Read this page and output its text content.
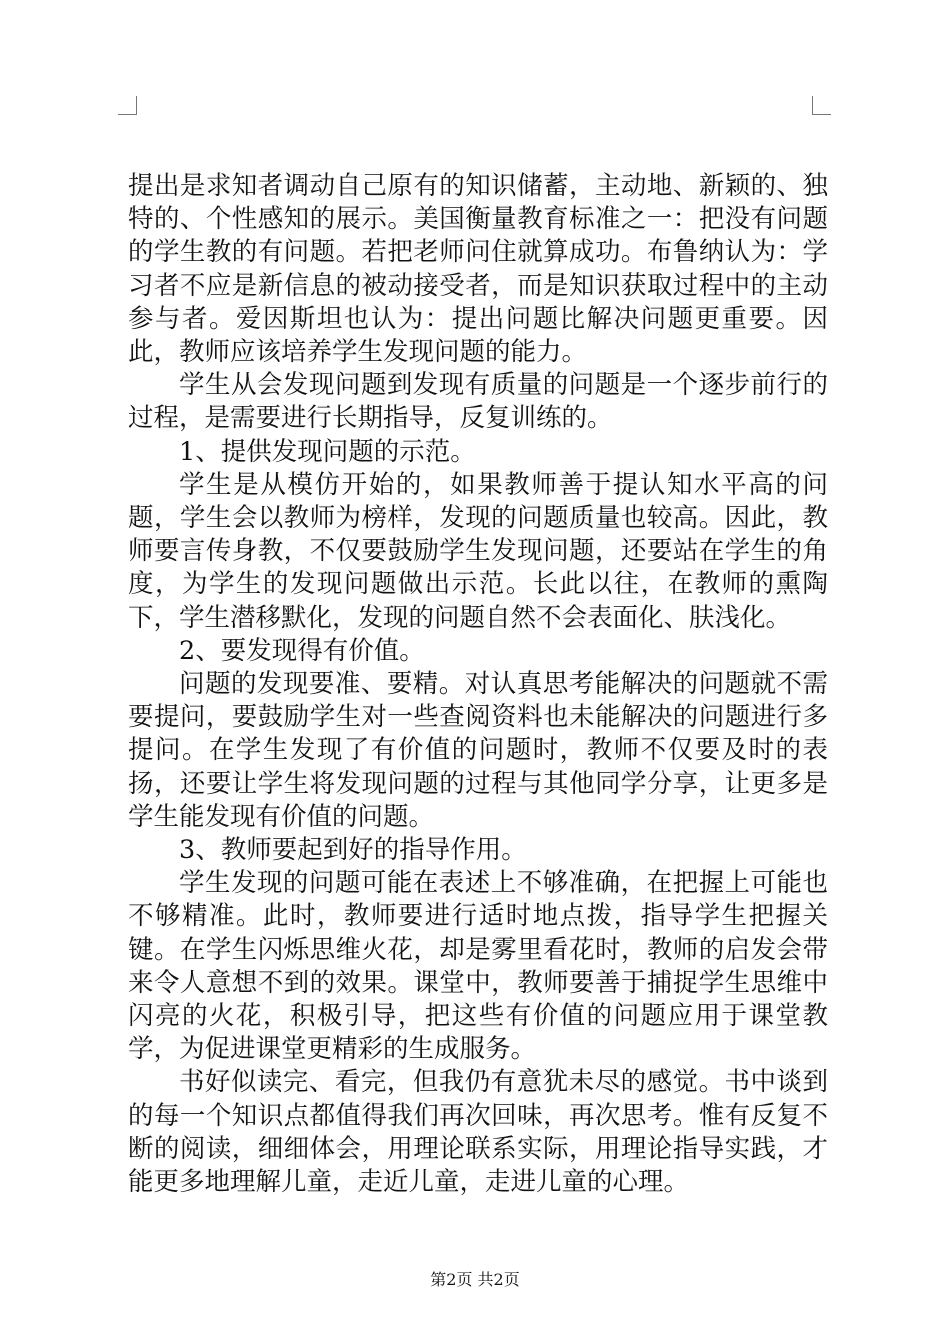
提出是求知者调动自己原有的知识储蓄，主动地、新颖的、独特的、个性感知的展示。美国衡量教育标准之一：把没有问题的学生教的有问题。若把老师问住就算成功。布鲁纳认为：学习者不应是新信息的被动接受者，而是知识获取过程中的主动参与者。爱因斯坦也认为：提出问题比解决问题更重要。因此，教师应该培养学生发现问题的能力。

学生从会发现问题到发现有质量的问题是一个逐步前行的过程，是需要进行长期指导，反复训练的。

1、提供发现问题的示范。

学生是从模仿开始的，如果教师善于提认知水平高的问题，学生会以教师为榜样，发现的问题质量也较高。因此，教师要言传身教，不仅要鼓励学生发现问题，还要站在学生的角度，为学生的发现问题做出示范。长此以往，在教师的熏陶下，学生潜移默化，发现的问题自然不会表面化、肤浅化。

2、要发现得有价值。

问题的发现要准、要精。对认真思考能解决的问题就不需要提问，要鼓励学生对一些查阅资料也未能解决的问题进行多提问。在学生发现了有价值的问题时，教师不仅要及时的表扬，还要让学生将发现问题的过程与其他同学分享，让更多是学生能发现有价值的问题。

3、教师要起到好的指导作用。

学生发现的问题可能在表述上不够准确，在把握上可能也不够精准。此时，教师要进行适时地点拨，指导学生把握关键。在学生闪烁思维火花，却是雾里看花时，教师的启发会带来令人意想不到的效果。课堂中，教师要善于捕捉学生思维中闪亮的火花，积极引导，把这些有价值的问题应用于课堂教学，为促进课堂更精彩的生成服务。

书好似读完、看完，但我仍有意犹未尽的感觉。书中谈到的每一个知识点都值得我们再次回味，再次思考。惟有反复不断的阅读，细细体会，用理论联系实际，用理论指导实践，才能更多地理解儿童，走近儿童，走进儿童的心理。

第2页 共2页
